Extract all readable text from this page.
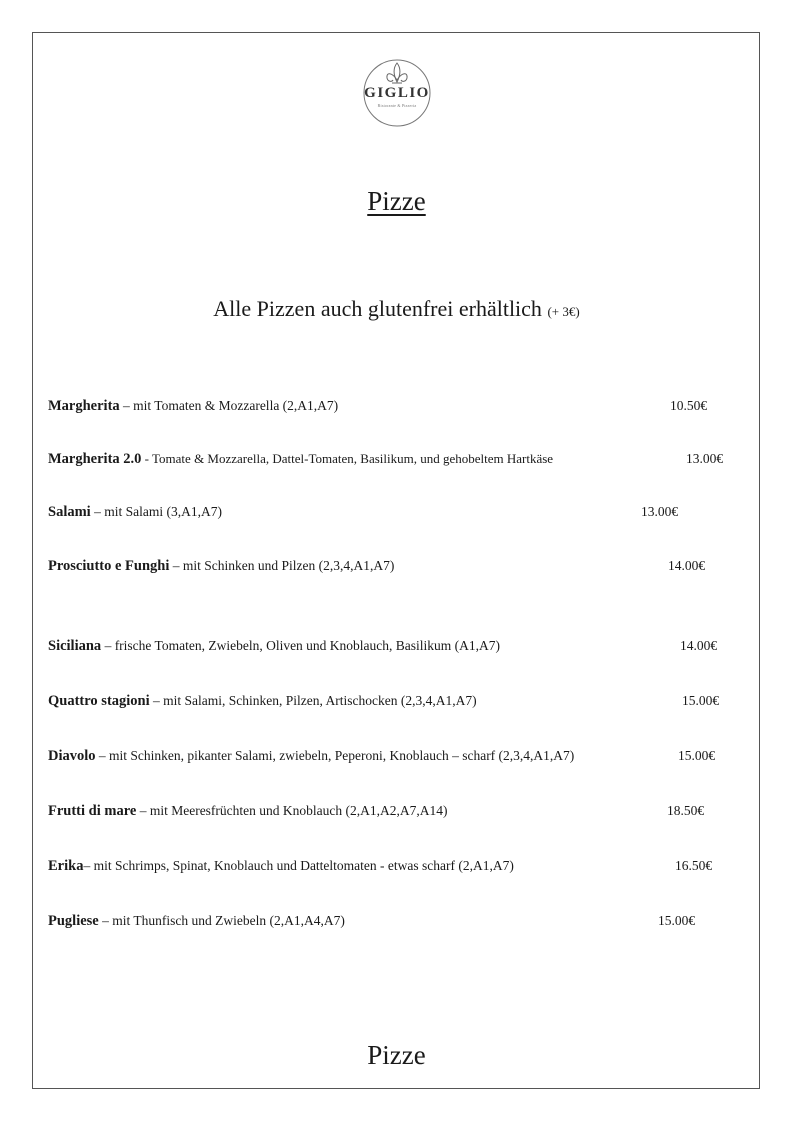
GIGLIO
Ristorante & Pizzeria
Pizze
Alle Pizzen auch glutenfrei erhältlich (+ 3€)
Margherita – mit Tomaten & Mozzarella (2,A1,A7)	10.50€
Margherita 2.0 - Tomate & Mozzarella, Dattel-Tomaten, Basilikum, und gehobeltem Hartkäse	13.00€
Salami – mit Salami (3,A1,A7)	13.00€
Prosciutto e Funghi – mit Schinken und Pilzen (2,3,4,A1,A7)	14.00€
Siciliana – frische Tomaten, Zwiebeln, Oliven und Knoblauch, Basilikum (A1,A7)	14.00€
Quattro stagioni – mit Salami, Schinken, Pilzen, Artischocken (2,3,4,A1,A7)	15.00€
Diavolo – mit Schinken, pikanter Salami, zwiebeln, Peperoni, Knoblauch – scharf (2,3,4,A1,A7)	15.00€
Frutti di mare – mit Meeresfrüchten und Knoblauch (2,A1,A2,A7,A14)	18.50€
Erika– mit Schrimps, Spinat, Knoblauch und Datteltomaten - etwas scharf (2,A1,A7)	16.50€
Pugliese – mit Thunfisch und Zwiebeln (2,A1,A4,A7)	15.00€
Pizze
